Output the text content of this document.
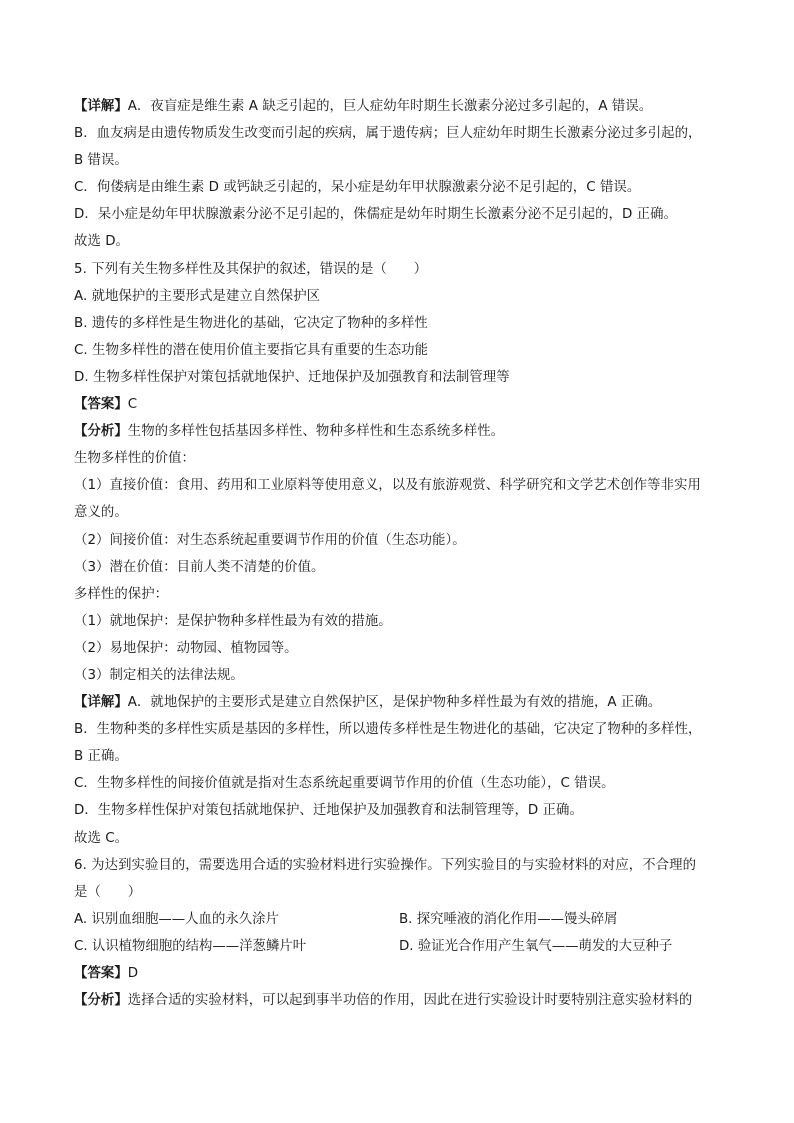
【详解】A．夜盲症是维生素 A 缺乏引起的，巨人症幼年时期生长激素分泌过多引起的，A 错误。
B．血友病是由遗传物质发生改变而引起的疾病，属于遗传病；巨人症幼年时期生长激素分泌过多引起的，
B 错误。
C．佝偻病是由维生素 D 或钙缺乏引起的，呆小症是幼年甲状腺激素分泌不足引起的，C 错误。
D．呆小症是幼年甲状腺激素分泌不足引起的，侏儒症是幼年时期生长激素分泌不足引起的，D 正确。
故选 D。
5. 下列有关生物多样性及其保护的叙述，错误的是（　　）
A. 就地保护的主要形式是建立自然保护区
B. 遗传的多样性是生物进化的基础，它决定了物种的多样性
C. 生物多样性的潜在使用价值主要指它具有重要的生态功能
D. 生物多样性保护对策包括就地保护、迁地保护及加强教育和法制管理等
【答案】C
【分析】生物的多样性包括基因多样性、物种多样性和生态系统多样性。
生物多样性的价值：
（1）直接价值：食用、药用和工业原料等使用意义，以及有旅游观赏、科学研究和文学艺术创作等非实用
意义的。
（2）间接价值：对生态系统起重要调节作用的价值（生态功能）。
（3）潜在价值：目前人类不清楚的价值。
多样性的保护：
（1）就地保护：是保护物种多样性最为有效的措施。
（2）易地保护：动物园、植物园等。
（3）制定相关的法律法规。
【详解】A．就地保护的主要形式是建立自然保护区，是保护物种多样性最为有效的措施，A 正确。
B．生物种类的多样性实质是基因的多样性，所以遗传多样性是生物进化的基础，它决定了物种的多样性，
B 正确。
C．生物多样性的间接价值就是指对生态系统起重要调节作用的价值（生态功能），C 错误。
D．生物多样性保护对策包括就地保护、迁地保护及加强教育和法制管理等，D 正确。
故选 C。
6. 为达到实验目的，需要选用合适的实验材料进行实验操作。下列实验目的与实验材料的对应，不合理的
是（　　）
A. 识别血细胞——人血的永久涂片	B. 探究唾液的消化作用——馒头碎屑
C. 认识植物细胞的结构——洋葱鳞片叶	D. 验证光合作用产生氧气——萌发的大豆种子
【答案】D
【分析】选择合适的实验材料，可以起到事半功倍的作用，因此在进行实验设计时要特别注意实验材料的
